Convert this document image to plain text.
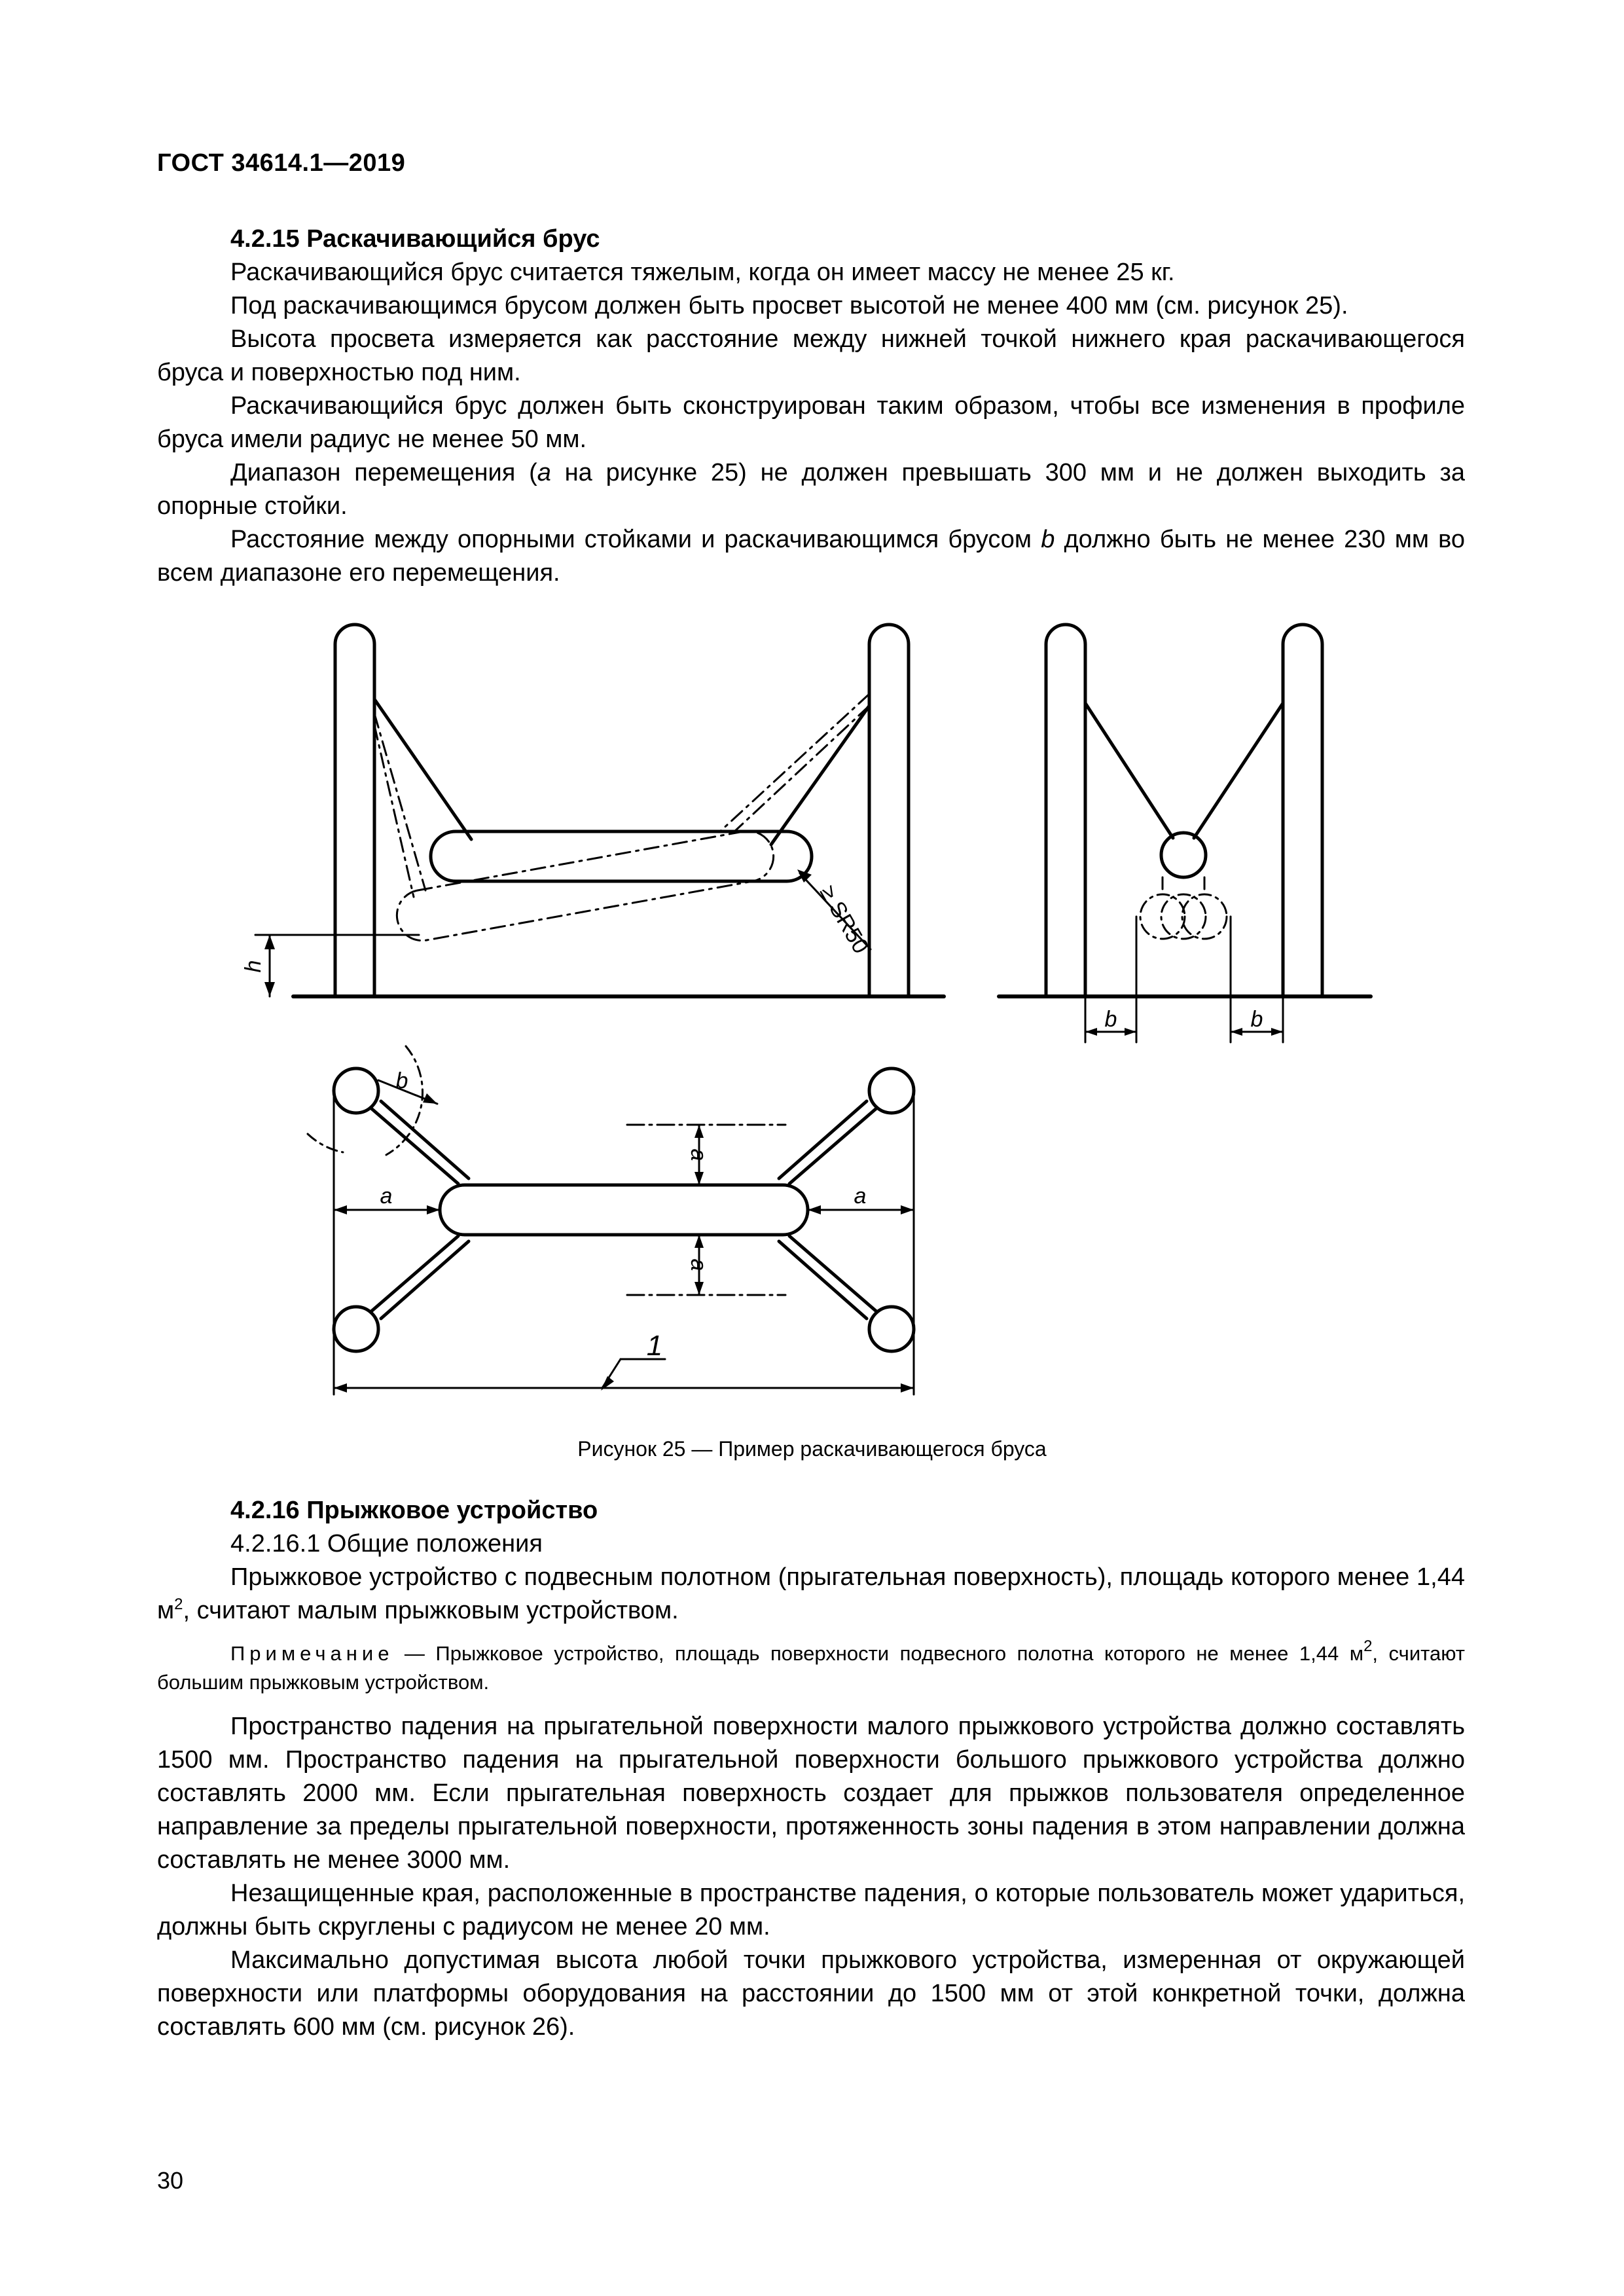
ГОСТ 34614.1—2019

4.2.15 Раскачивающийся брус

Раскачивающийся брус считается тяжелым, когда он имеет массу не менее 25 кг.

Под раскачивающимся брусом должен быть просвет высотой не менее 400 мм (см. рисунок 25).

Высота просвета измеряется как расстояние между нижней точкой нижнего края раскачивающегося бруса и поверхностью под ним.

Раскачивающийся брус должен быть сконструирован таким образом, чтобы все изменения в профиле бруса имели радиус не менее 50 мм.

Диапазон перемещения (a на рисунке 25) не должен превышать 300 мм и не должен выходить за опорные стойки.

Расстояние между опорными стойками и раскачивающимся брусом b должно быть не менее 230 мм во всем диапазоне его перемещения.

h
≥ SR50
b	b
b
a	a
a
a
1
Рисунок 25 — Пример раскачивающегося бруса

4.2.16 Прыжковое устройство

4.2.16.1 Общие положения

Прыжковое устройство с подвесным полотном (прыгательная поверхность), площадь которого менее 1,44 $м^2$, считают малым прыжковым устройством.

Примечание — Прыжковое устройство, площадь поверхности подвесного полотна которого не менее 1,44 $м^2$, считают большим прыжковым устройством.

Пространство падения на прыгательной поверхности малого прыжкового устройства должно составлять 1500 мм. Пространство падения на прыгательной поверхности большого прыжкового устройства должно составлять 2000 мм. Если прыгательная поверхность создает для прыжков пользователя определенное направление за пределы прыгательной поверхности, протяженность зоны падения в этом направлении должна составлять не менее 3000 мм.

Незащищенные края, расположенные в пространстве падения, о которые пользователь может удариться, должны быть скруглены с радиусом не менее 20 мм.

Максимально допустимая высота любой точки прыжкового устройства, измеренная от окружающей поверхности или платформы оборудования на расстоянии до 1500 мм от этой конкретной точки, должна составлять 600 мм (см. рисунок 26).

30
